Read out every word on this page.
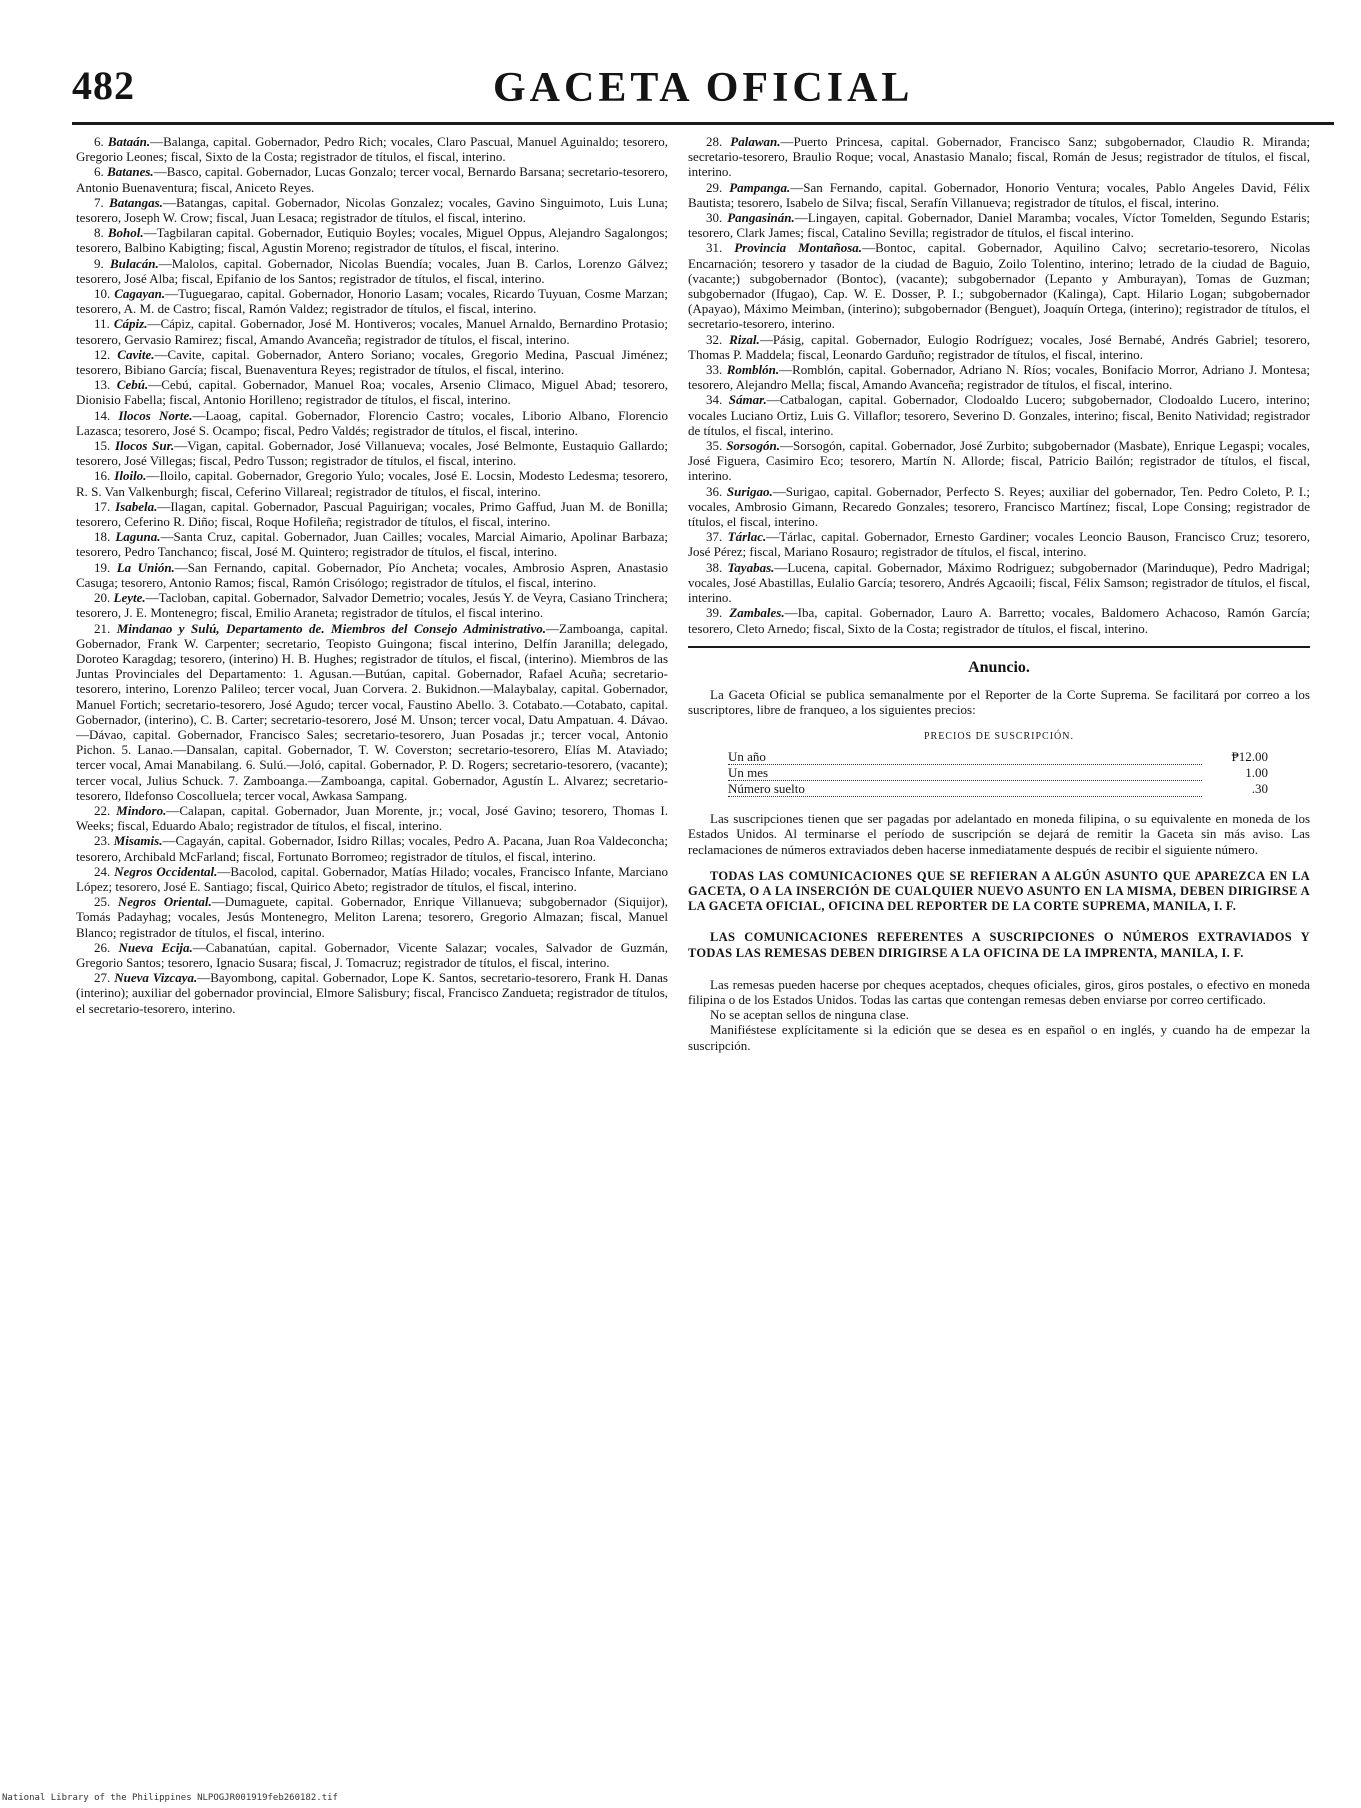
482	GACETA OFICIAL

6. Bataán.—Balanga, capital. Gobernador, Pedro Rich; vocales, Claro Pascual, Manuel Aguinaldo; tesorero, Gregorio Leones; fiscal, Sixto de la Costa; registrador de títulos, el fiscal, interino.

6. Batanes.—Basco, capital. Gobernador, Lucas Gonzalo; tercer vocal, Bernardo Barsana; secretario-tesorero, Antonio Buenaventura; fiscal, Aniceto Reyes.

7. Batangas.—Batangas, capital. Gobernador, Nicolas Gonzalez; vocales, Gavino Singuimoto, Luis Luna; tesorero, Joseph W. Crow; fiscal, Juan Lesaca; registrador de títulos, el fiscal, interino.

8. Bohol.—Tagbilaran capital. Gobernador, Eutiquio Boyles; vocales, Miguel Oppus, Alejandro Sagalongos; tesorero, Balbino Kabigting; fiscal, Agustin Moreno; registrador de títulos, el fiscal, interino.

9. Bulacán.—Malolos, capital. Gobernador, Nicolas Buendía; vocales, Juan B. Carlos, Lorenzo Gálvez; tesorero, José Alba; fiscal, Epifanio de los Santos; registrador de títulos, el fiscal, interino.

10. Cagayan.—Tuguegarao, capital. Gobernador, Honorio Lasam; vocales, Ricardo Tuyuan, Cosme Marzan; tesorero, A. M. de Castro; fiscal, Ramón Valdez; registrador de títulos, el fiscal, interino.

11. Cápiz.—Cápiz, capital. Gobernador, José M. Hontiveros; vocales, Manuel Arnaldo, Bernardino Protasio; tesorero, Gervasio Ramirez; fiscal, Amando Avanceña; registrador de títulos, el fiscal, interino.

12. Cavite.—Cavite, capital. Gobernador, Antero Soriano; vocales, Gregorio Medina, Pascual Jiménez; tesorero, Bibiano García; fiscal, Buenaventura Reyes; registrador de títulos, el fiscal, interino.

13. Cebú.—Cebú, capital. Gobernador, Manuel Roa; vocales, Arsenio Climaco, Miguel Abad; tesorero, Dionisio Fabella; fiscal, Antonio Horilleno; registrador de títulos, el fiscal, interino.

14. Ilocos Norte.—Laoag, capital. Gobernador, Florencio Castro; vocales, Liborio Albano, Florencio Lazasca; tesorero, José S. Ocampo; fiscal, Pedro Valdés; registrador de títulos, el fiscal, interino.

15. Ilocos Sur.—Vigan, capital. Gobernador, José Villanueva; vocales, José Belmonte, Eustaquio Gallardo; tesorero, José Villegas; fiscal, Pedro Tusson; registrador de títulos, el fiscal, interino.

16. Iloilo.—Iloilo, capital. Gobernador, Gregorio Yulo; vocales, José E. Locsin, Modesto Ledesma; tesorero, R. S. Van Valkenburgh; fiscal, Ceferino Villareal; registrador de títulos, el fiscal, interino.

17. Isabela.—Ilagan, capital. Gobernador, Pascual Paguirigan; vocales, Primo Gaffud, Juan M. de Bonilla; tesorero, Ceferino R. Diño; fiscal, Roque Hofileña; registrador de títulos, el fiscal, interino.

18. Laguna.—Santa Cruz, capital. Gobernador, Juan Cailles; vocales, Marcial Aimario, Apolinar Barbaza; tesorero, Pedro Tanchanco; fiscal, José M. Quintero; registrador de títulos, el fiscal, interino.

19. La Unión.—San Fernando, capital. Gobernador, Pío Ancheta; vocales, Ambrosio Aspren, Anastasio Casuga; tesorero, Antonio Ramos; fiscal, Ramón Crisólogo; registrador de títulos, el fiscal, interino.

20. Leyte.—Tacloban, capital. Gobernador, Salvador Demetrio; vocales, Jesús Y. de Veyra, Casiano Trinchera; tesorero, J. E. Montenegro; fiscal, Emilio Araneta; registrador de títulos, el fiscal interino.

21. Mindanao y Sulú, Departamento de. Miembros del Consejo Administrativo.—Zamboanga, capital. Gobernador, Frank W. Carpenter; secretario, Teopisto Guingona; fiscal interino, Delfín Jaranilla; delegado, Doroteo Karagdag; tesorero, (interino) H. B. Hughes; registrador de títulos, el fiscal, (interino). Miembros de las Juntas Provinciales del Departamento: 1. Agusan.—Butúan, capital. Gobernador, Rafael Acuña; secretario-tesorero, interino, Lorenzo Palileo; tercer vocal, Juan Corvera. 2. Bukidnon.—Malaybalay, capital. Gobernador, Manuel Fortich; secretario-tesorero, José Agudo; tercer vocal, Faustino Abello. 3. Cotabato.—Cotabato, capital. Gobernador, (interino), C. B. Carter; secretario-tesorero, José M. Unson; tercer vocal, Datu Ampatuan. 4. Dávao.—Dávao, capital. Gobernador, Francisco Sales; secretario-tesorero, Juan Posadas jr.; tercer vocal, Antonio Pichon. 5. Lanao.—Dansalan, capital. Gobernador, T. W. Coverston; secretario-tesorero, Elías M. Ataviado; tercer vocal, Amai Manabilang. 6. Sulú.—Joló, capital. Gobernador, P. D. Rogers; secretario-tesorero, (vacante); tercer vocal, Julius Schuck. 7. Zamboanga.—Zamboanga, capital. Gobernador, Agustín L. Alvarez; secretario-tesorero, Ildefonso Coscolluela; tercer vocal, Awkasa Sampang.

22. Mindoro.—Calapan, capital. Gobernador, Juan Morente, jr.; vocal, José Gavino; tesorero, Thomas I. Weeks; fiscal, Eduardo Abalo; registrador de títulos, el fiscal, interino.

23. Misamis.—Cagayán, capital. Gobernador, Isidro Rillas; vocales, Pedro A. Pacana, Juan Roa Valdeconcha; tesorero, Archibald McFarland; fiscal, Fortunato Borromeo; registrador de títulos, el fiscal, interino.

24. Negros Occidental.—Bacolod, capital. Gobernador, Matías Hilado; vocales, Francisco Infante, Marciano López; tesorero, José E. Santiago; fiscal, Quirico Abeto; registrador de títulos, el fiscal, interino.

25. Negros Oriental.—Dumaguete, capital. Gobernador, Enrique Villanueva; subgobernador (Siquijor), Tomás Padayhag; vocales, Jesús Montenegro, Meliton Larena; tesorero, Gregorio Almazan; fiscal, Manuel Blanco; registrador de títulos, el fiscal, interino.

26. Nueva Ecija.—Cabanatúan, capital. Gobernador, Vicente Salazar; vocales, Salvador de Guzmán, Gregorio Santos; tesorero, Ignacio Susara; fiscal, J. Tomacruz; registrador de títulos, el fiscal, interino.

27. Nueva Vizcaya.—Bayombong, capital. Gobernador, Lope K. Santos, secretario-tesorero, Frank H. Danas (interino); auxiliar del gobernador provincial, Elmore Salisbury; fiscal, Francisco Zandueta; registrador de títulos, el secretario-tesorero, interino.

28. Palawan.—Puerto Princesa, capital. Gobernador, Francisco Sanz; subgobernador, Claudio R. Miranda; secretario-tesorero, Braulio Roque; vocal, Anastasio Manalo; fiscal, Román de Jesus; registrador de títulos, el fiscal, interino.

29. Pampanga.—San Fernando, capital. Gobernador, Honorio Ventura; vocales, Pablo Angeles David, Félix Bautista; tesorero, Isabelo de Silva; fiscal, Serafín Villanueva; registrador de títulos, el fiscal, interino.

30. Pangasinán.—Lingayen, capital. Gobernador, Daniel Maramba; vocales, Víctor Tomelden, Segundo Estaris; tesorero, Clark James; fiscal, Catalino Sevilla; registrador de títulos, el fiscal interino.

31. Provincia Montañosa.—Bontoc, capital. Gobernador, Aquilino Calvo; secretario-tesorero, Nicolas Encarnación; tesorero y tasador de la ciudad de Baguio, Zoilo Tolentino, interino; letrado de la ciudad de Baguio, (vacante;) subgobernador (Bontoc), (vacante); subgobernador (Lepanto y Amburayan), Tomas de Guzman; subgobernador (Ifugao), Cap. W. E. Dosser, P. I.; subgobernador (Kalinga), Capt. Hilario Logan; subgobernador (Apayao), Máximo Meimban, (interino); subgobernador (Benguet), Joaquín Ortega, (interino); registrador de títulos, el secretario-tesorero, interino.

32. Rizal.—Pásig, capital. Gobernador, Eulogio Rodríguez; vocales, José Bernabé, Andrés Gabriel; tesorero, Thomas P. Maddela; fiscal, Leonardo Garduño; registrador de títulos, el fiscal, interino.

33. Romblón.—Romblón, capital. Gobernador, Adriano N. Ríos; vocales, Bonifacio Morror, Adriano J. Montesa; tesorero, Alejandro Mella; fiscal, Amando Avanceña; registrador de títulos, el fiscal, interino.

34. Sámar.—Catbalogan, capital. Gobernador, Clodoaldo Lucero; subgobernador, Clodoaldo Lucero, interino; vocales Luciano Ortiz, Luis G. Villaflor; tesorero, Severino D. Gonzales, interino; fiscal, Benito Natividad; registrador de títulos, el fiscal, interino.

35. Sorsogón.—Sorsogón, capital. Gobernador, José Zurbito; subgobernador (Masbate), Enrique Legaspi; vocales, José Figuera, Casimiro Eco; tesorero, Martín N. Allorde; fiscal, Patricio Bailón; registrador de títulos, el fiscal, interino.

36. Surigao.—Surigao, capital. Gobernador, Perfecto S. Reyes; auxiliar del gobernador, Ten. Pedro Coleto, P. I.; vocales, Ambrosio Gimann, Recaredo Gonzales; tesorero, Francisco Martínez; fiscal, Lope Consing; registrador de títulos, el fiscal, interino.

37. Tárlac.—Tárlac, capital. Gobernador, Ernesto Gardiner; vocales Leoncio Bauson, Francisco Cruz; tesorero, José Pérez; fiscal, Mariano Rosauro; registrador de títulos, el fiscal, interino.

38. Tayabas.—Lucena, capital. Gobernador, Máximo Rodriguez; subgobernador (Marinduque), Pedro Madrigal; vocales, José Abastillas, Eulalio García; tesorero, Andrés Agcaoili; fiscal, Félix Samson; registrador de títulos, el fiscal, interino.

39. Zambales.—Iba, capital. Gobernador, Lauro A. Barretto; vocales, Baldomero Achacoso, Ramón García; tesorero, Cleto Arnedo; fiscal, Sixto de la Costa; registrador de títulos, el fiscal, interino.

Anuncio.

La Gaceta Oficial se publica semanalmente por el Reporter de la Corte Suprema. Se facilitará por correo a los suscriptores, libre de franqueo, a los siguientes precios:

PRECIOS DE SUSCRIPCIÓN.
Un año	₱12.00
Un mes	1.00
Número suelto	.30

Las suscripciones tienen que ser pagadas por adelantado en moneda filipina, o su equivalente en moneda de los Estados Unidos. Al terminarse el período de suscripción se dejará de remitir la Gaceta sin más aviso. Las reclamaciones de números extraviados deben hacerse inmediatamente después de recibir el siguiente número.

TODAS LAS COMUNICACIONES QUE SE REFIERAN A ALGÚN ASUNTO QUE APAREZCA EN LA GACETA, O A LA INSERCIÓN DE CUALQUIER NUEVO ASUNTO EN LA MISMA, DEBEN DIRIGIRSE A LA GACETA OFICIAL, OFICINA DEL REPORTER DE LA CORTE SUPREMA, MANILA, I. F.

LAS COMUNICACIONES REFERENTES A SUSCRIPCIONES O NÚMEROS EXTRAVIADOS Y TODAS LAS REMESAS DEBEN DIRIGIRSE A LA OFICINA DE LA IMPRENTA, MANILA, I. F.

Las remesas pueden hacerse por cheques aceptados, cheques oficiales, giros, giros postales, o efectivo en moneda filipina o de los Estados Unidos. Todas las cartas que contengan remesas deben enviarse por correo certificado.

No se aceptan sellos de ninguna clase.

Manifiéstese explícitamente si la edición que se desea es en español o en inglés, y cuando ha de empezar la suscripción.

National Library of the Philippines NLPOGJR001919feb260182.tif
